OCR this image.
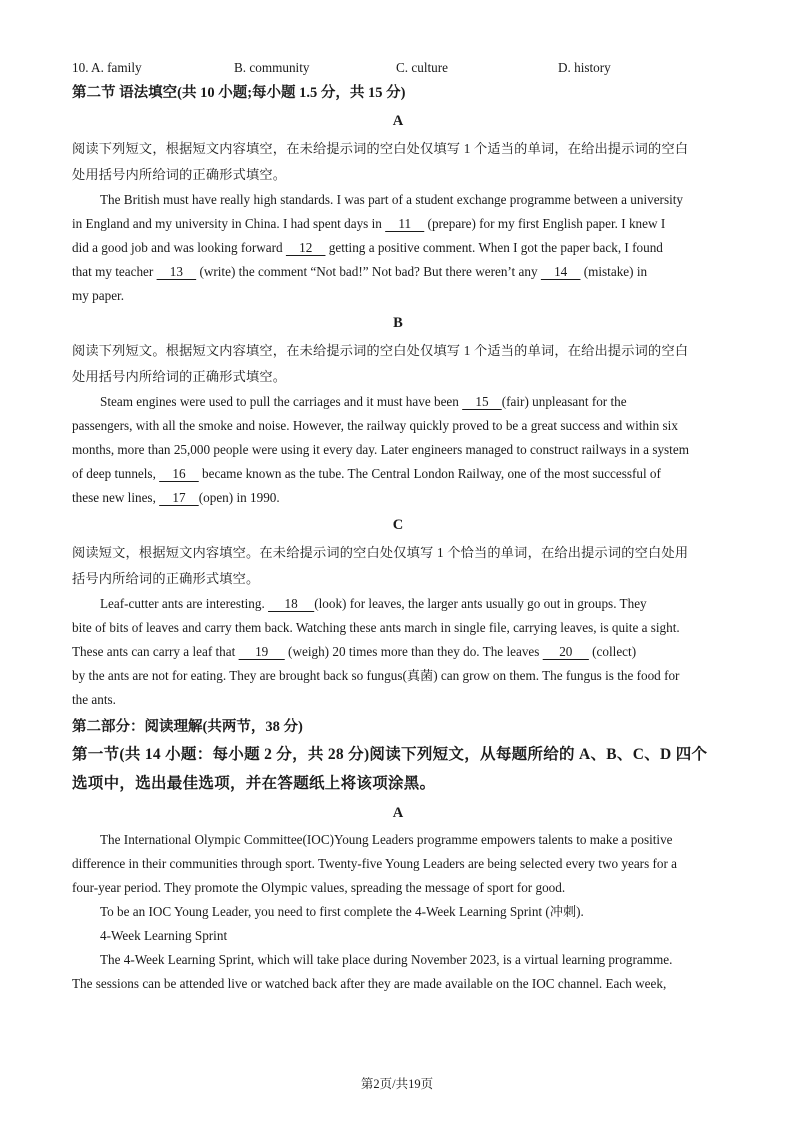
10. A. family	B. community	C. culture	D. history
第二节 语法填空(共 10 小题;每小题 1.5 分，共 15 分)
A
阅读下列短文，根据短文内容填空，在未给提示词的空白处仅填写 1 个适当的单词，在给出提示词的空白
处用括号内所给词的正确形式填空。
The British must have really high standards. I was part of a student exchange programme between a university
in England and my university in China. I had spent days in     11     (prepare) for my first English paper. I knew I
did a good job and was looking forward     12     getting a positive comment. When I got the paper back, I found
that my teacher     13     (write) the comment “Not bad!” Not bad? But there weren’t any     14     (mistake) in
my paper.
B
阅读下列短文。根据短文内容填空，在未给提示词的空白处仅填写 1 个适当的单词，在给出提示词的空白
处用括号内所给词的正确形式填空。
Steam engines were used to pull the carriages and it must have been     15    (fair) unpleasant for the
passengers, with all the smoke and noise. However, the railway quickly proved to be a great success and within six
months, more than 25,000 people were using it every day. Later engineers managed to construct railways in a system
of deep tunnels,     16     became known as the tube. The Central London Railway, one of the most successful of
these new lines,     17    (open) in 1990.
C
阅读短文，根据短文内容填空。在未给提示词的空白处仅填写 1 个恰当的单词，在给出提示词的空白处用
括号内所给词的正确形式填空。
Leaf-cutter ants are interesting.      18     (look) for leaves, the larger ants usually go out in groups. They
bite of bits of leaves and carry them back. Watching these ants march in single file, carrying leaves, is quite a sight.
These ants can carry a leaf that      19      (weigh) 20 times more than they do. The leaves      20      (collect)
by the ants are not for eating. They are brought back so fungus(真菌) can grow on them. The fungus is the food for
the ants.
第二部分：阅读理解(共两节，38 分)
第一节(共 14 小题：每小题 2 分，共 28 分)阅读下列短文，从每题所给的 A、B、C、D 四个
选项中，选出最佳选项，并在答题纸上将该项涂黑。
A
The International Olympic Committee(IOC)Young Leaders programme empowers talents to make a positive
difference in their communities through sport. Twenty-five Young Leaders are being selected every two years for a
four-year period. They promote the Olympic values, spreading the message of sport for good.
To be an IOC Young Leader, you need to first complete the 4-Week Learning Sprint (冲刺).
4-Week Learning Sprint
The 4-Week Learning Sprint, which will take place during November 2023, is a virtual learning programme.
The sessions can be attended live or watched back after they are made available on the IOC channel. Each week,
第2页/共19页
